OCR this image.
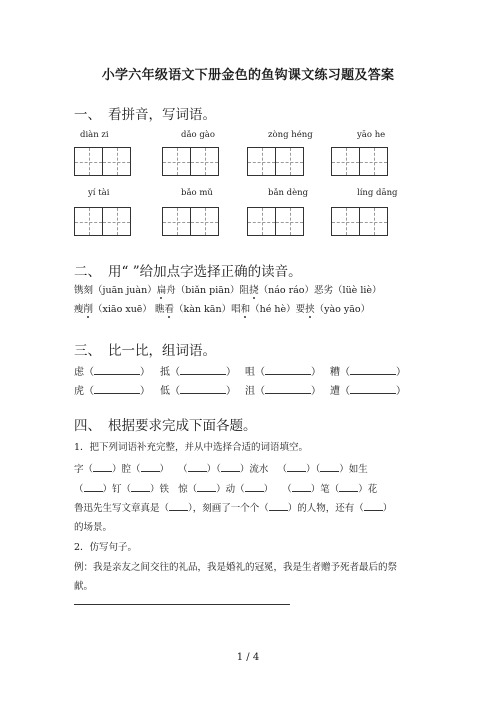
小学六年级语文下册金色的鱼钩课文练习题及答案
一、 看拼音，写词语。
diàn zi	dǎo gào	zòng héng	yāo he
yí tài	bǎo mǔ	bǎn dèng	líng dāng
二、 用“ ”给加点字选择正确的读音。
镌刻（juān juàn）扁舟（biǎn piān）阻挠（náo ráo）恶劣（lüè liè）
瘦削（xiāo xuē） 瞧看（kàn kān）唱和（hé hè）要挟（yào yāo）
三、 比一比，组词语。
虑（	） 抵（	） 咀（	） 糟（	）
虎（	） 低（	） 沮（	） 遭（	）
四、 根据要求完成下面各题。
1．把下列词语补充完整，并从中选择合适的词语填空。
字（ ）腔（ ） （ ）（ ）流水 （ ）（ ）如生
（ ）钉（ ）铁 惊（ ）动（ ） （ ）笔（ ）花
鲁迅先生写文章真是（ ），刻画了一个个（ ）的人物，还有（ ）
的场景。
2．仿写句子。
例：我是亲友之间交往的礼品，我是婚礼的冠冕，我是生者赠予死者最后的祭
献。
1 / 4
